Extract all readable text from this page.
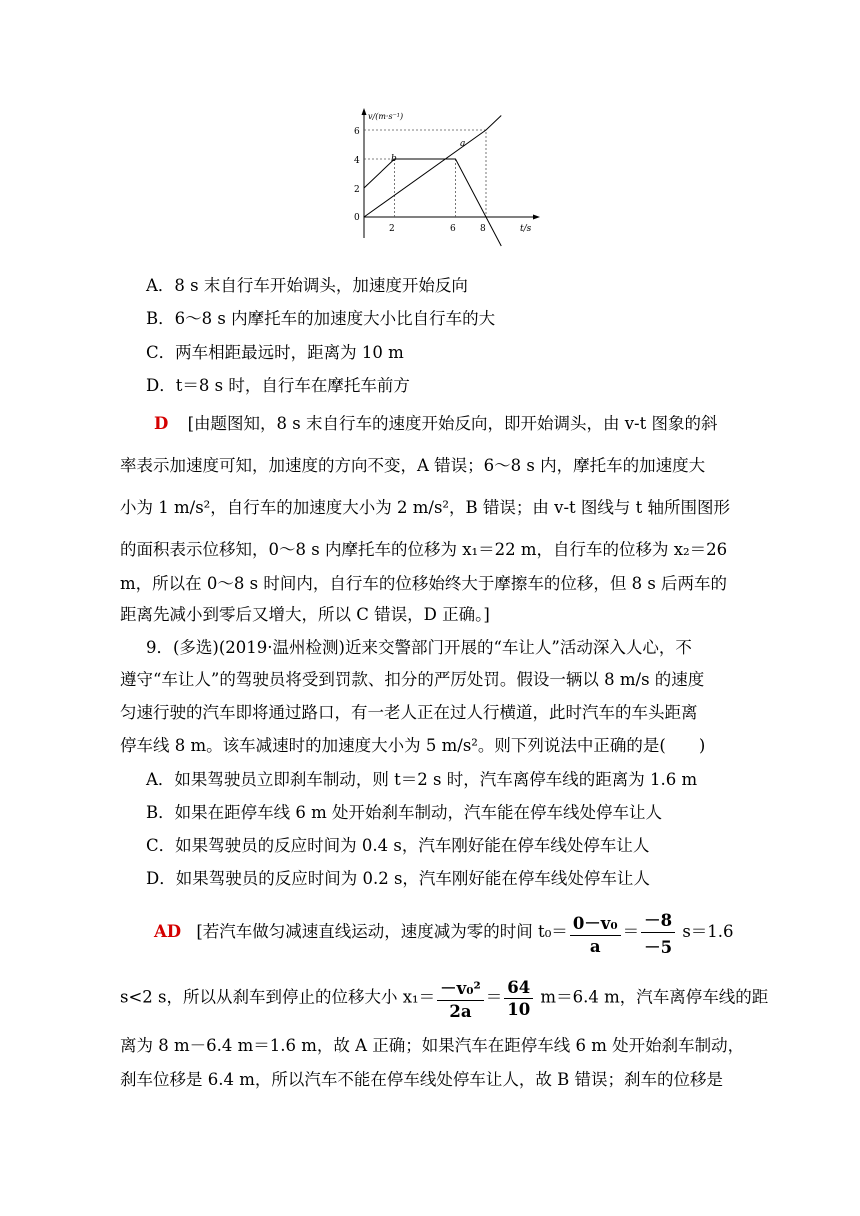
v/(m·s⁻¹)
t/s
6
4
2
0
2	6	8
a
b
A．8 s 末自行车开始调头，加速度开始反向
B．6～8 s 内摩托车的加速度大小比自行车的大
C．两车相距最远时，距离为 10 m
D．t＝8 s 时，自行车在摩托车前方
D [由题图知，8 s 末自行车的速度开始反向，即开始调头，由 v-t 图象的斜
率表示加速度可知，加速度的方向不变，A 错误；6～8 s 内，摩托车的加速度大
小为 1 m/s²，自行车的加速度大小为 2 m/s²，B 错误；由 v-t 图线与 t 轴所围图形
的面积表示位移知，0～8 s 内摩托车的位移为 x₁＝22 m，自行车的位移为 x₂＝26
m，所以在 0～8 s 时间内，自行车的位移始终大于摩擦车的位移，但 8 s 后两车的
距离先减小到零后又增大，所以 C 错误，D 正确。]
9．(多选)(2019·温州检测)近来交警部门开展的“车让人”活动深入人心，不
遵守“车让人”的驾驶员将受到罚款、扣分的严厉处罚。假设一辆以 8 m/s 的速度
匀速行驶的汽车即将通过路口，有一老人正在过人行横道，此时汽车的车头距离
停车线 8 m。该车减速时的加速度大小为 5 m/s²。则下列说法中正确的是(　　)
A．如果驾驶员立即刹车制动，则 t＝2 s 时，汽车离停车线的距离为 1.6 m
B．如果在距停车线 6 m 处开始刹车制动，汽车能在停车线处停车让人
C．如果驾驶员的反应时间为 0.4 s，汽车刚好能在停车线处停车让人
D．如果驾驶员的反应时间为 0.2 s，汽车刚好能在停车线处停车让人
AD [若汽车做匀减速直线运动，速度减为零的时间 $t_0= \frac{\text{0－v₀}}{a} = \frac{-8}{-5} s=1.6$
s<2 s，所以从刹车到停止的位移大小 $x_1= \frac{\text{－v₀²}}{2a} = \frac{64}{10} m=6.4$ m，汽车离停车线的距
离为 8 m－6.4 m＝1.6 m，故 A 正确；如果汽车在距停车线 6 m 处开始刹车制动，
刹车位移是 6.4 m，所以汽车不能在停车线处停车让人，故 B 错误；刹车的位移是
